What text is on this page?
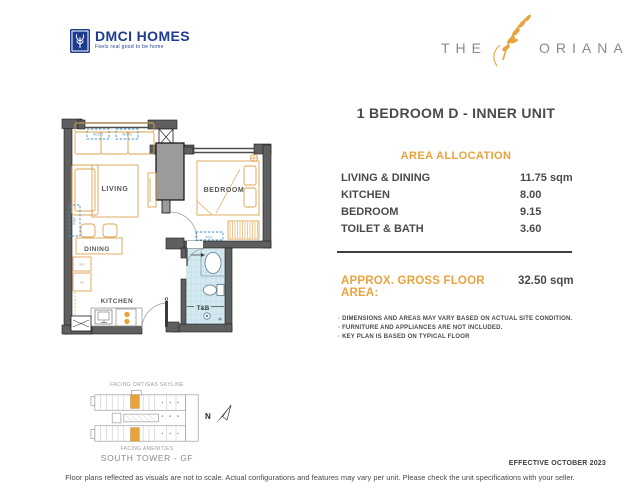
DMCI HOMES
Feels real good to be home	THE	ORIANA
LIVING
DINING
KITCHEN
BEDROOM
T&B
ACCU	ACCU
FCU
FCU
wm
ref
1 BEDROOM D - INNER UNIT
AREA ALLOCATION
LIVING & DINING	11.75 sqm
KITCHEN	8.00
BEDROOM	9.15
TOILET & BATH	3.60
APPROX. GROSS FLOOR AREA:
32.50 sqm
· DIMENSIONS AND AREAS MAY VARY BASED ON ACTUAL SITE CONDITION.
· FURNITURE AND APPLIANCES ARE NOT INCLUDED.
· KEY PLAN IS BASED ON TYPICAL FLOOR
FACING ORTIGAS SKYLINE
FACING AMENITIES
SOUTH TOWER - GF
N
EFFECTIVE OCTOBER 2023
Floor plans reflected as visuals are not to scale. Actual configurations and features may vary per unit. Please check the unit specifications with your seller.
